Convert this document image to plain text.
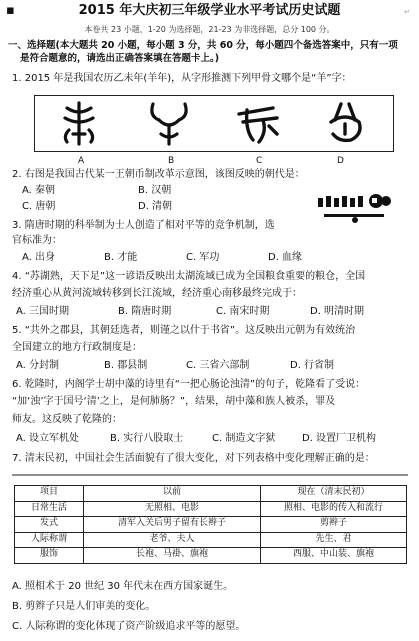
▪	2015 年大庆初三年级学业水平考试历史试题
本卷共 23 小题，1-20 为选择题，21-23 为非选择题，总分 100 分。
一、选择题(本大题共 20 小题，每小题 3 分，共 60 分，每小题四个备选答案中，只有一项
是符合题意的，请选出正确答案填在答题卡上。)
1. 2015 年是我国农历乙未年(羊年)，从字形推测下列甲骨文哪个是“羊”字：
A	B	C	D
2. 右图是我国古代某一王朝币制改革示意图，该图反映的朝代是：
A. 秦朝	B. 汉朝
C. 唐朝	D. 清朝
3. 隋唐时期的科举制为士人创造了相对平等的竞争机制，选
官标准为：
A. 出身	B. 才能	C. 军功	D. 血缘
4. “苏湖熟，天下足”这一谚语反映出太湖流域已成为全国粮食重要的粮仓，全国
经济重心从黄河流域转移到长江流域，经济重心南移最终完成于：
A. 三国时期	B. 隋唐时期	C. 南宋时期	D. 明清时期
5. “共外之郡县，其朝廷选者，则谨之以什于书省”。这反映出元朝为有效统治
全国建立的地方行政制度是：
A. 分封制	B. 郡县制	C. 三省六部制	D. 行省制
6. 乾隆时，内阁学士胡中藻的诗里有“一把心肠论浊清”的句子，乾隆看了受说：
“加‘浊’字于国号‘清’之上，是何肺肠？”，结果，胡中藻和族人被杀，罪及
师友。这反映了乾隆的：
A. 设立军机处	B. 实行八股取士	C. 制造文字狱	D. 设置厂卫机构
7. 清末民初，中国社会生活面貌有了很大变化，对下列表格中变化理解正确的是：
项目	以前	现在（清末民初）
日常生活	无照相、电影	照相、电影的传入和流行
发式	清军入关后男子留有长辫子	剪辫子
人际称谓	老爷、夫人	先生、君
服饰	长袍、马褂、旗袍	西服、中山装、旗袍
A. 照相术于 20 世纪 30 年代末在西方国家诞生。
B. 剪辫子只是人们审美的变化。
C. 人际称谓的变化体现了资产阶级追求平等的愿望。
↵
